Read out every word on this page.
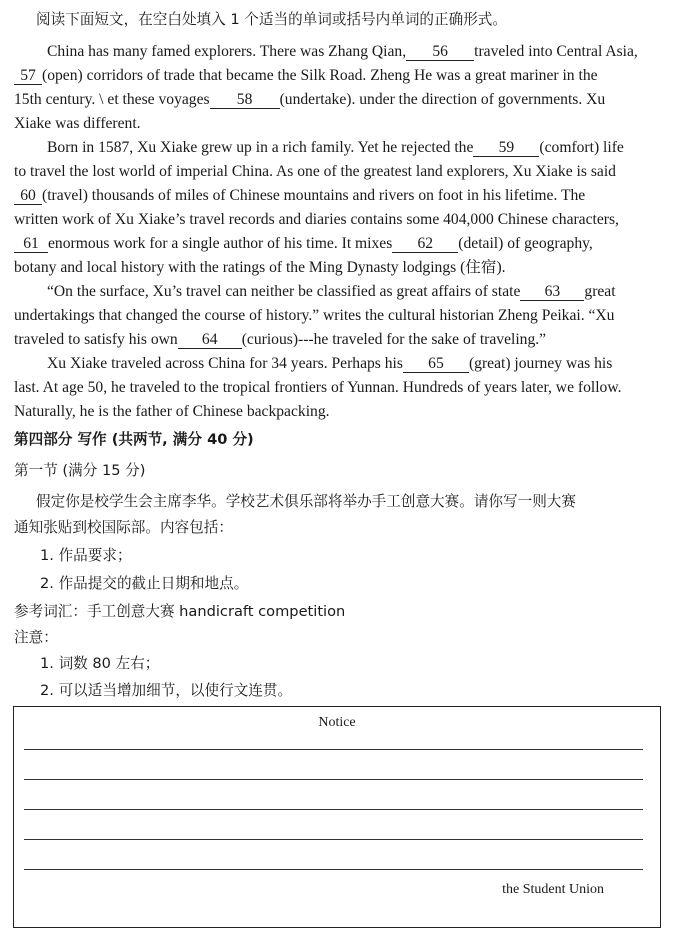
阅读下面短文，在空白处填入 1 个适当的单词或括号内单词的正确形式。
China has many famed explorers. There was Zhang Qian, 56 traveled into Central Asia,
57 (open) corridors of trade that became the Silk Road. Zheng He was a great mariner in the
15th century. \ et these voyages 58 (undertake). under the direction of governments. Xu
Xiake was different.
Born in 1587, Xu Xiake grew up in a rich family. Yet he rejected the 59 (comfort) life
to travel the lost world of imperial China. As one of the greatest land explorers, Xu Xiake is said
60 (travel) thousands of miles of Chinese mountains and rivers on foot in his lifetime. The
written work of Xu Xiake’s travel records and diaries contains some 404,000 Chinese characters,
61 enormous work for a single author of his time. It mixes 62 (detail) of geography,
botany and local history with the ratings of the Ming Dynasty lodgings (住宿).
“On the surface, Xu’s travel can neither be classified as great affairs of state 63 great
undertakings that changed the course of history.” writes the cultural historian Zheng Peikai. “Xu
traveled to satisfy his own 64 (curious)---he traveled for the sake of traveling.”
Xu Xiake traveled across China for 34 years. Perhaps his 65 (great) journey was his
last. At age 50, he traveled to the tropical frontiers of Yunnan. Hundreds of years later, we follow.
Naturally, he is the father of Chinese backpacking.
第四部分 写作 (共两节, 满分 40 分)
第一节 (满分 15 分)
假定你是校学生会主席李华。学校艺术俱乐部将举办手工创意大赛。请你写一则大赛
通知张贴到校国际部。内容包括：
1. 作品要求；
2. 作品提交的截止日期和地点。
参考词汇：手工创意大赛 handicraft competition
注意：
1. 词数 80 左右；
2. 可以适当增加细节，以使行文连贯。
Notice
the Student Union
